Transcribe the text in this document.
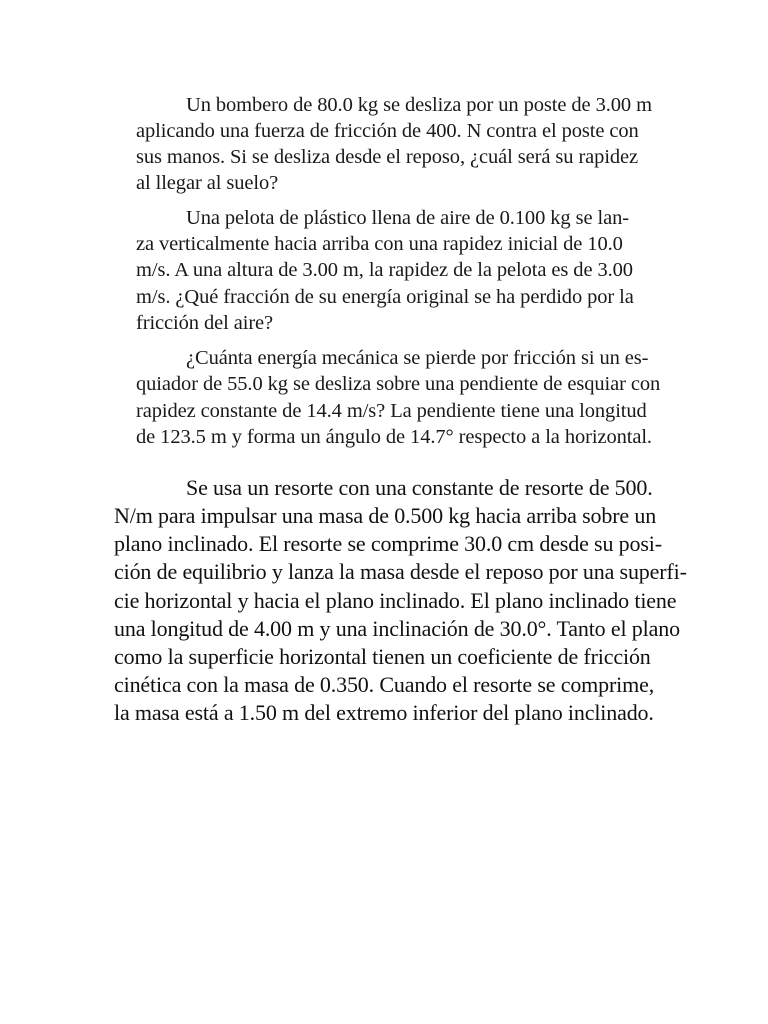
Un bombero de 80.0 kg se desliza por un poste de 3.00 m

aplicando una fuerza de fricción de 400. N contra el poste con

sus manos. Si se desliza desde el reposo, ¿cuál será su rapidez

al llegar al suelo?

Una pelota de plástico llena de aire de 0.100 kg se lan-

za verticalmente hacia arriba con una rapidez inicial de 10.0

m/s. A una altura de 3.00 m, la rapidez de la pelota es de 3.00

m/s. ¿Qué fracción de su energía original se ha perdido por la

fricción del aire?

¿Cuánta energía mecánica se pierde por fricción si un es-

quiador de 55.0 kg se desliza sobre una pendiente de esquiar con

rapidez constante de 14.4 m/s? La pendiente tiene una longitud

de 123.5 m y forma un ángulo de 14.7° respecto a la horizontal.

Se usa un resorte con una constante de resorte de 500.

N/m para impulsar una masa de 0.500 kg hacia arriba sobre un

plano inclinado. El resorte se comprime 30.0 cm desde su posi-

ción de equilibrio y lanza la masa desde el reposo por una superfi-

cie horizontal y hacia el plano inclinado. El plano inclinado tiene

una longitud de 4.00 m y una inclinación de 30.0°. Tanto el plano

como la superficie horizontal tienen un coeficiente de fricción

cinética con la masa de 0.350. Cuando el resorte se comprime,

la masa está a 1.50 m del extremo inferior del plano inclinado.
